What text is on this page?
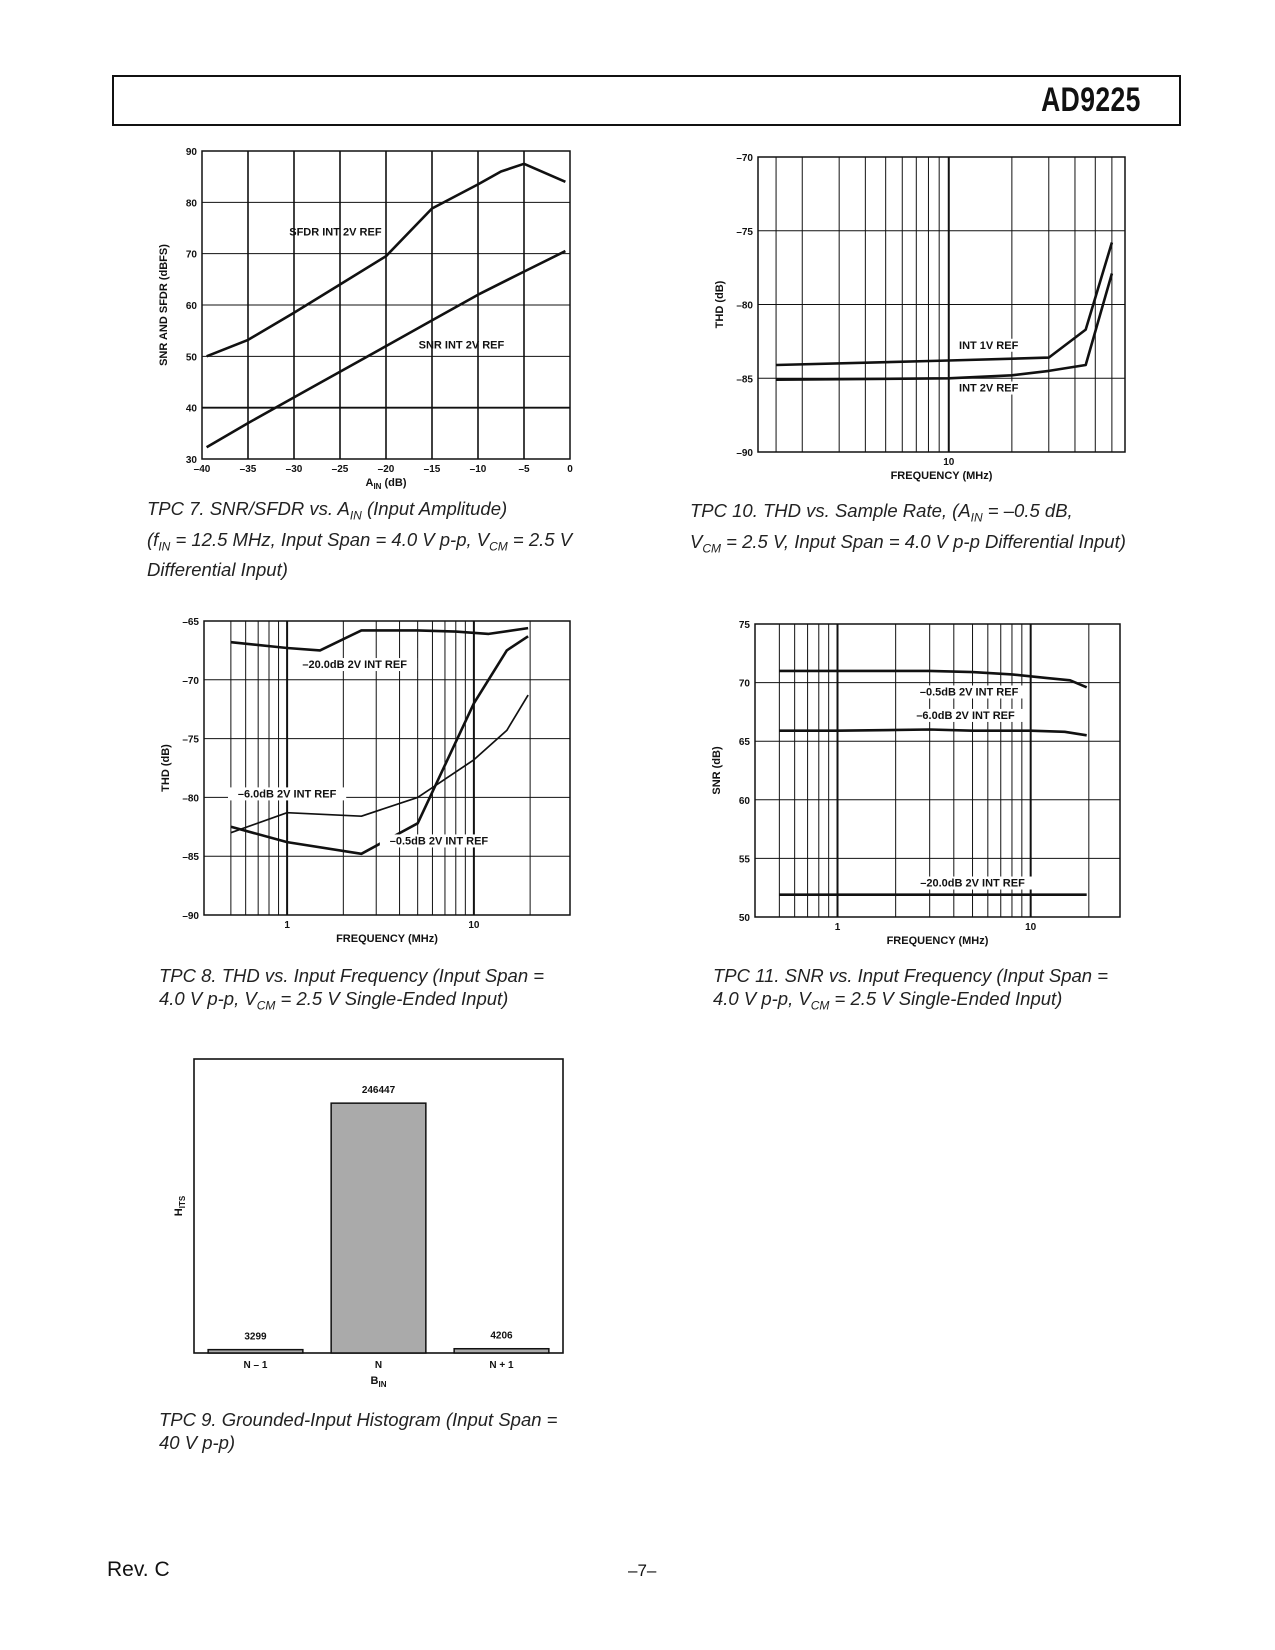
AD9225
30
40
50
60
70
80
90
–40	–35	–30	–25	–20	–15	–10	–5	0
$A_{IN}$ (dB)
SNR AND SFDR (dBFS)
SFDR INT 2V REF
SNR INT 2V REF
–90
–85
–80
–75
–70
10
FREQUENCY (MHz)
THD (dB)
INT 1V REF
INT 2V REF
–90
–85
–80
–75
–70
–65
1	10
FREQUENCY (MHz)
THD (dB)
–20.0dB 2V INT REF
–6.0dB 2V INT REF
–0.5dB 2V INT REF
50
55
60
65
70
75
1	10
FREQUENCY (MHz)
SNR (dB)
–0.5dB 2V INT REF
–6.0dB 2V INT REF
–20.0dB 2V INT REF
3299
N – 1
246447
N
4206
N + 1
$B_{IN}$
$H_{ITS}$
TPC 7. SNR/SFDR vs. $A_{IN}$ (Input Amplitude)
($f_{IN} = 12.5$ MHz, Input Span = 4.0 V p-p, $V_{CM} = 2.5$ V
Differential Input)
TPC 10. THD vs. Sample Rate, ($A_{IN} = -0.5$ dB,
$V_{CM} = 2.5$ V, Input Span = 4.0 V p-p Differential Input)
TPC 8. THD vs. Input Frequency (Input Span =
4.0 V p-p, $V_{CM} = 2.5$ V Single-Ended Input)
TPC 11. SNR vs. Input Frequency (Input Span =
4.0 V p-p, $V_{CM} = 2.5$ V Single-Ended Input)
TPC 9. Grounded-Input Histogram (Input Span =
40 V p-p)
Rev. C	–7–
